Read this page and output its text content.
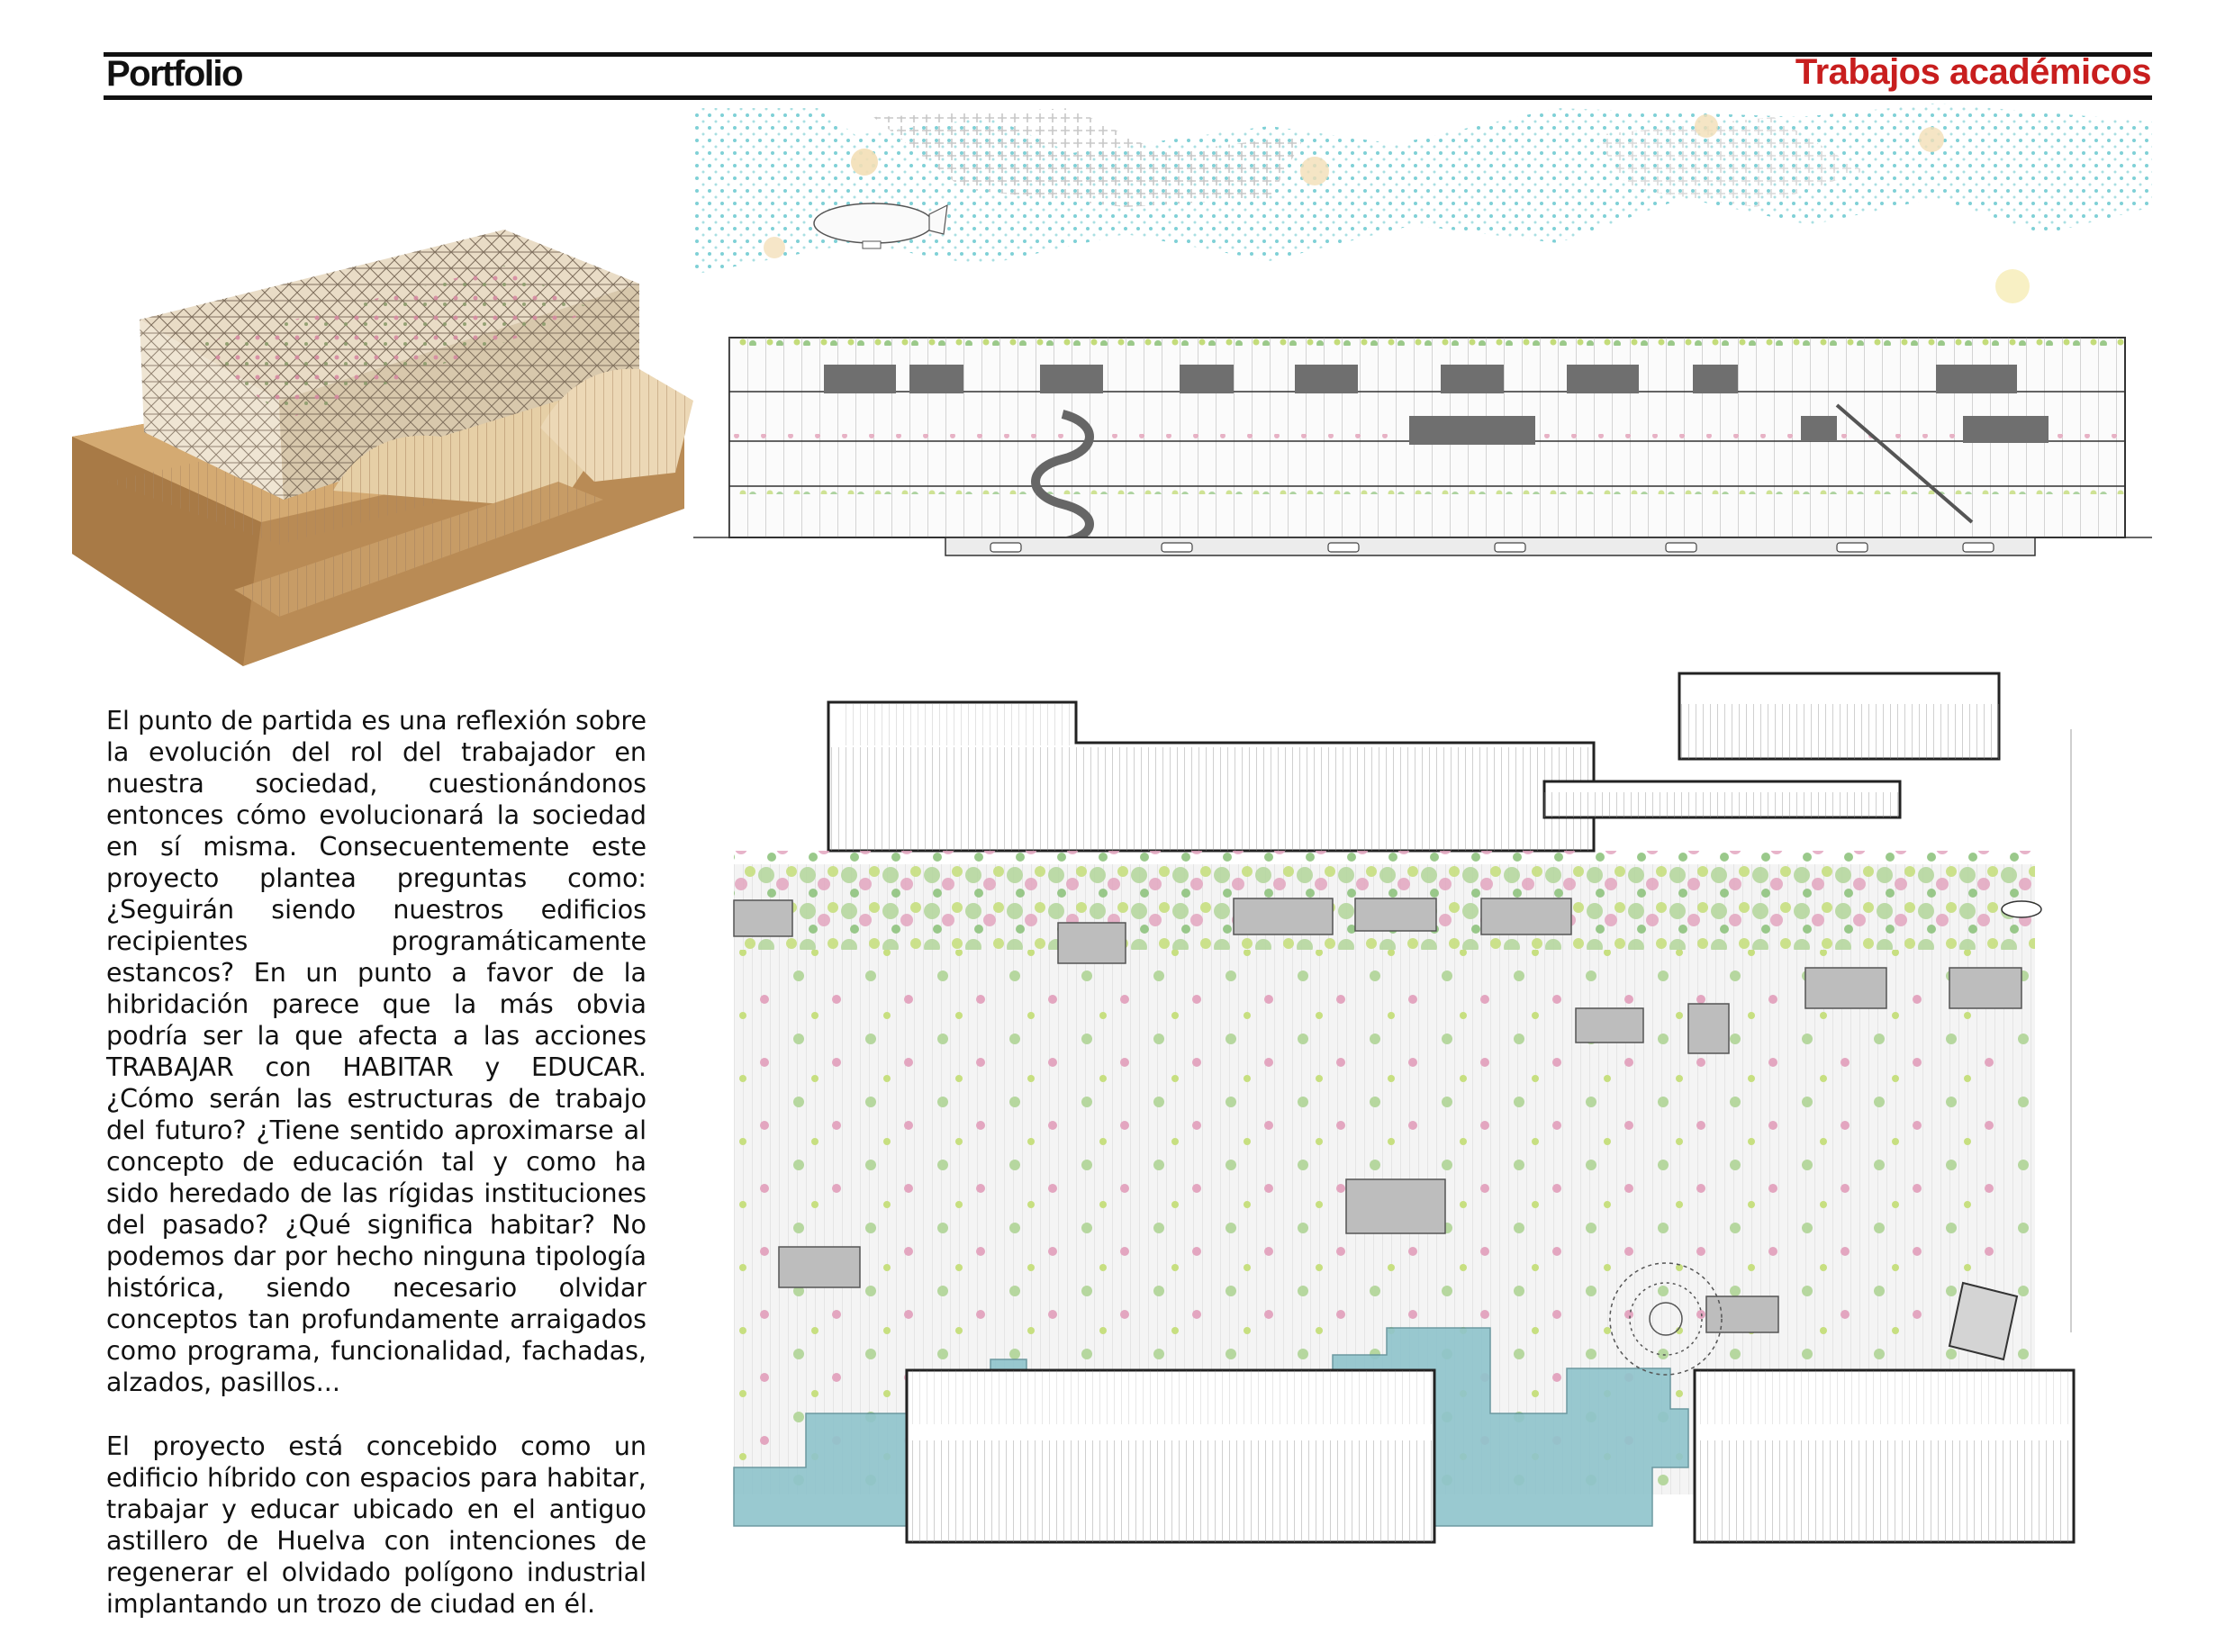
Portfolio	Trabajos académicos

El punto de partida es una reflexión sobre la evolución del rol del trabajador en nuestra sociedad, cuestionándonos entonces cómo evolucionará la sociedad en sí misma. Consecuentemente este proyecto plantea preguntas como: ¿Seguirán siendo nuestros edificios recipientes programáticamente estancos? En un punto a favor de la hibridación parece que la más obvia podría ser la que afecta a las acciones TRABAJAR con HABITAR y EDUCAR. ¿Cómo serán las estructuras de trabajo del futuro? ¿Tiene sentido aproximarse al concepto de educación tal y como ha sido heredado de las rígidas instituciones del pasado? ¿Qué significa habitar? No podemos dar por hecho ninguna tipología histórica, siendo necesario olvidar conceptos tan profundamente arraigados como programa, funcionalidad, fachadas, alzados, pasillos...

El proyecto está concebido como un edificio híbrido con espacios para habitar, trabajar y educar ubicado en el antiguo astillero de Huelva con intenciones de regenerar el olvidado polígono industrial implantando un trozo de ciudad en él.
